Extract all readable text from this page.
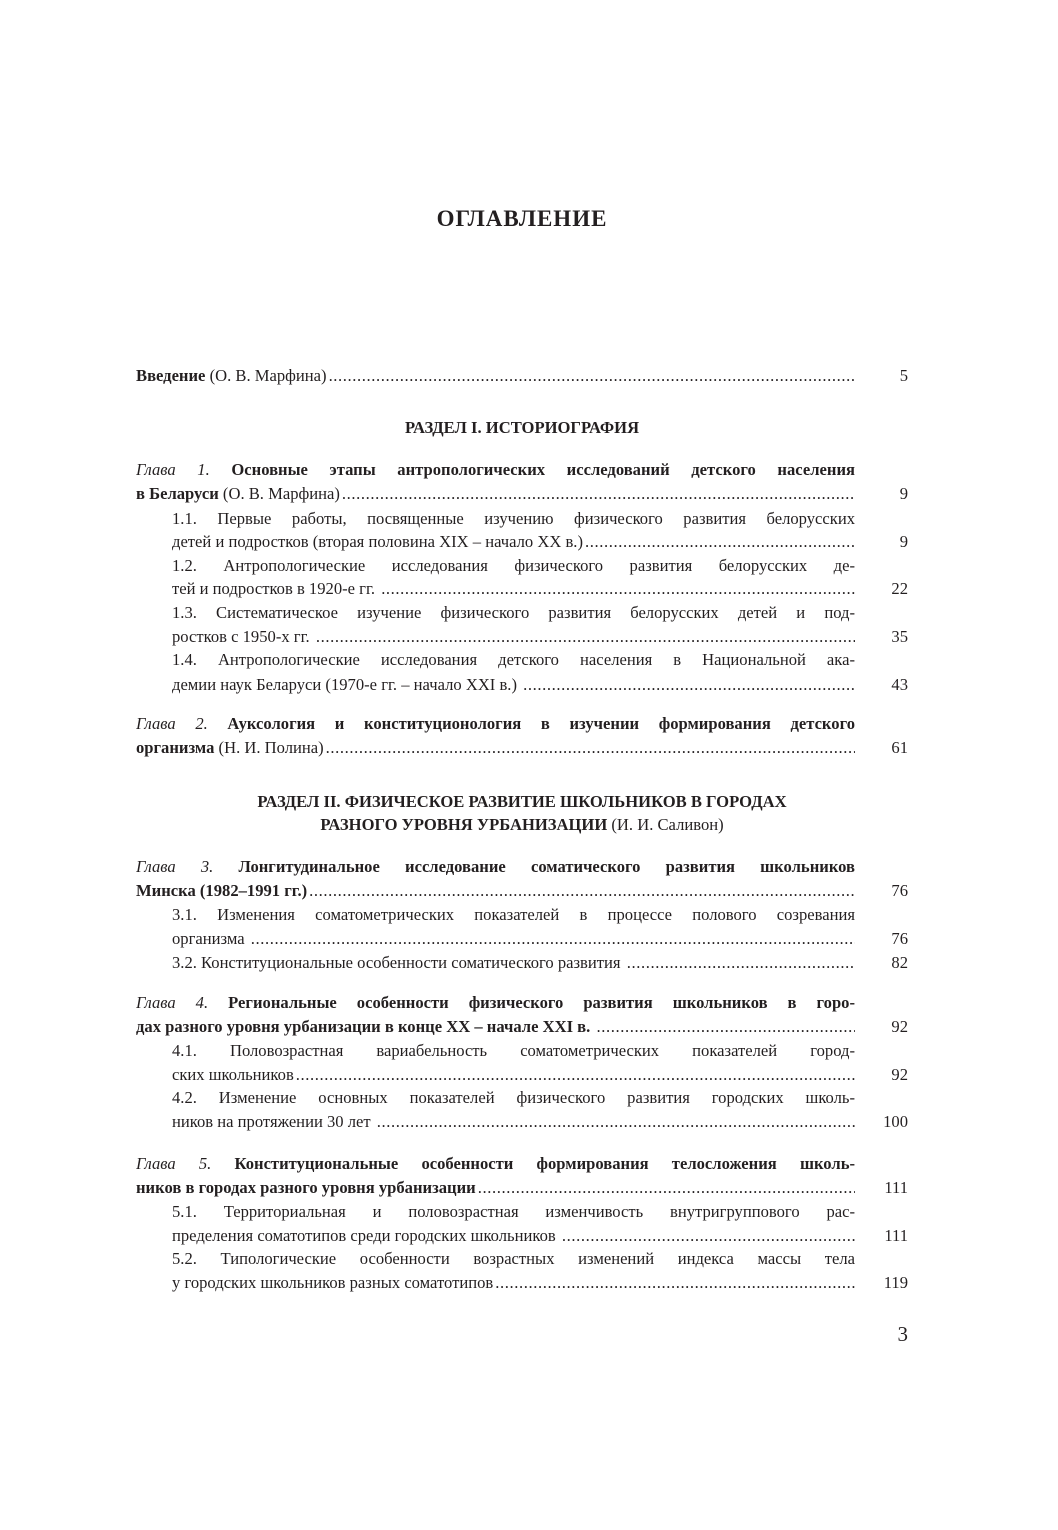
ОГЛАВЛЕНИЕ
5
Введение (О. В. Марфина)
.....
РАЗДЕЛ I. ИСТОРИОГРАФИЯ
Глава 1. Основные этапы антропологических исследований детского населения
9
в Беларуси (О. В. Марфина)
.....
1.1. Первые работы, посвященные изучению физического развития белорусских
9
детей и подростков (вторая половина XIX – начало XX в.)
.....
1.2. Антропологические исследования физического развития белорусских де-
22
тей и подростков в 1920-е гг.
.....
1.3. Систематическое изучение физического развития белорусских детей и под-
35
ростков с 1950-х гг.
.....
1.4. Антропологические исследования детского населения в Национальной ака-
43
демии наук Беларуси (1970-е гг. – начало XXI в.)
.....
Глава 2. Ауксология и конституционология в изучении формирования детского
61
организма (Н. И. Полина)
.....
РАЗДЕЛ II. ФИЗИЧЕСКОЕ РАЗВИТИЕ ШКОЛЬНИКОВ В ГОРОДАХ
РАЗНОГО УРОВНЯ УРБАНИЗАЦИИ (И. И. Саливон)
Глава 3. Лонгитудинальное исследование соматического развития школьников
76
Минска (1982–1991 гг.)
.....
3.1. Изменения соматометрических показателей в процессе полового созревания
76
организма
.....
82
3.2. Конституциональные особенности соматического развития
.....
Глава 4. Региональные особенности физического развития школьников в горо-
92
дах разного уровня урбанизации в конце XX – начале XXI в.
.....
4.1. Половозрастная вариабельность соматометрических показателей город-
92
ских школьников
.....
4.2. Изменение основных показателей физического развития городских школь-
100
ников на протяжении 30 лет
.....
Глава 5. Конституциональные особенности формирования телосложения школь-
111
ников в городах разного уровня урбанизации
.....
5.1. Территориальная и половозрастная изменчивость внутригруппового рас-
111
пределения соматотипов среди городских школьников
.....
5.2. Типологические особенности возрастных изменений индекса массы тела
119
у городских школьников разных соматотипов
.....
3
